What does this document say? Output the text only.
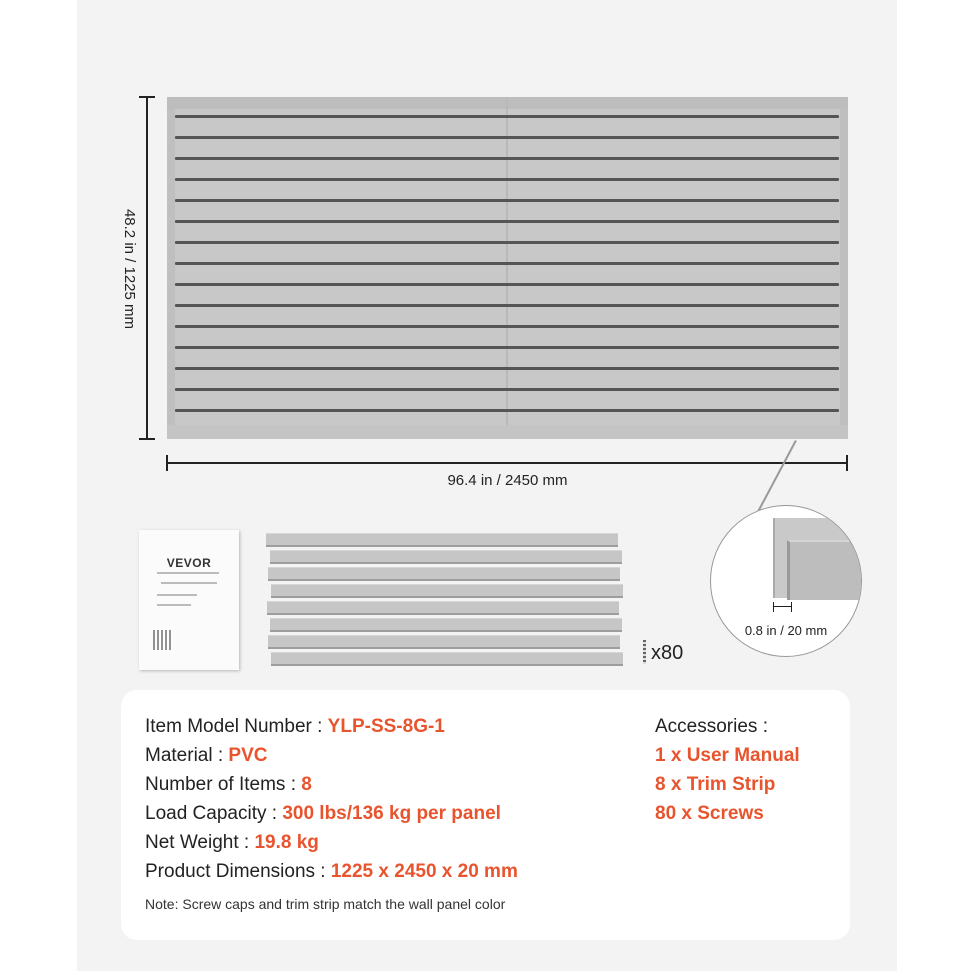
48.2 in / 1225 mm
96.4 in / 2450 mm
VEVOR
x80
0.8 in / 20 mm
Item Model Number : YLP-SS-8G-1
Material : PVC
Number of Items : 8
Load Capacity : 300 lbs/136 kg per panel
Net Weight : 19.8 kg
Product Dimensions : 1225 x 2450 x 20 mm
Accessories :
1 x User Manual
8 x Trim Strip
80 x Screws
Note: Screw caps and trim strip match the wall panel color
